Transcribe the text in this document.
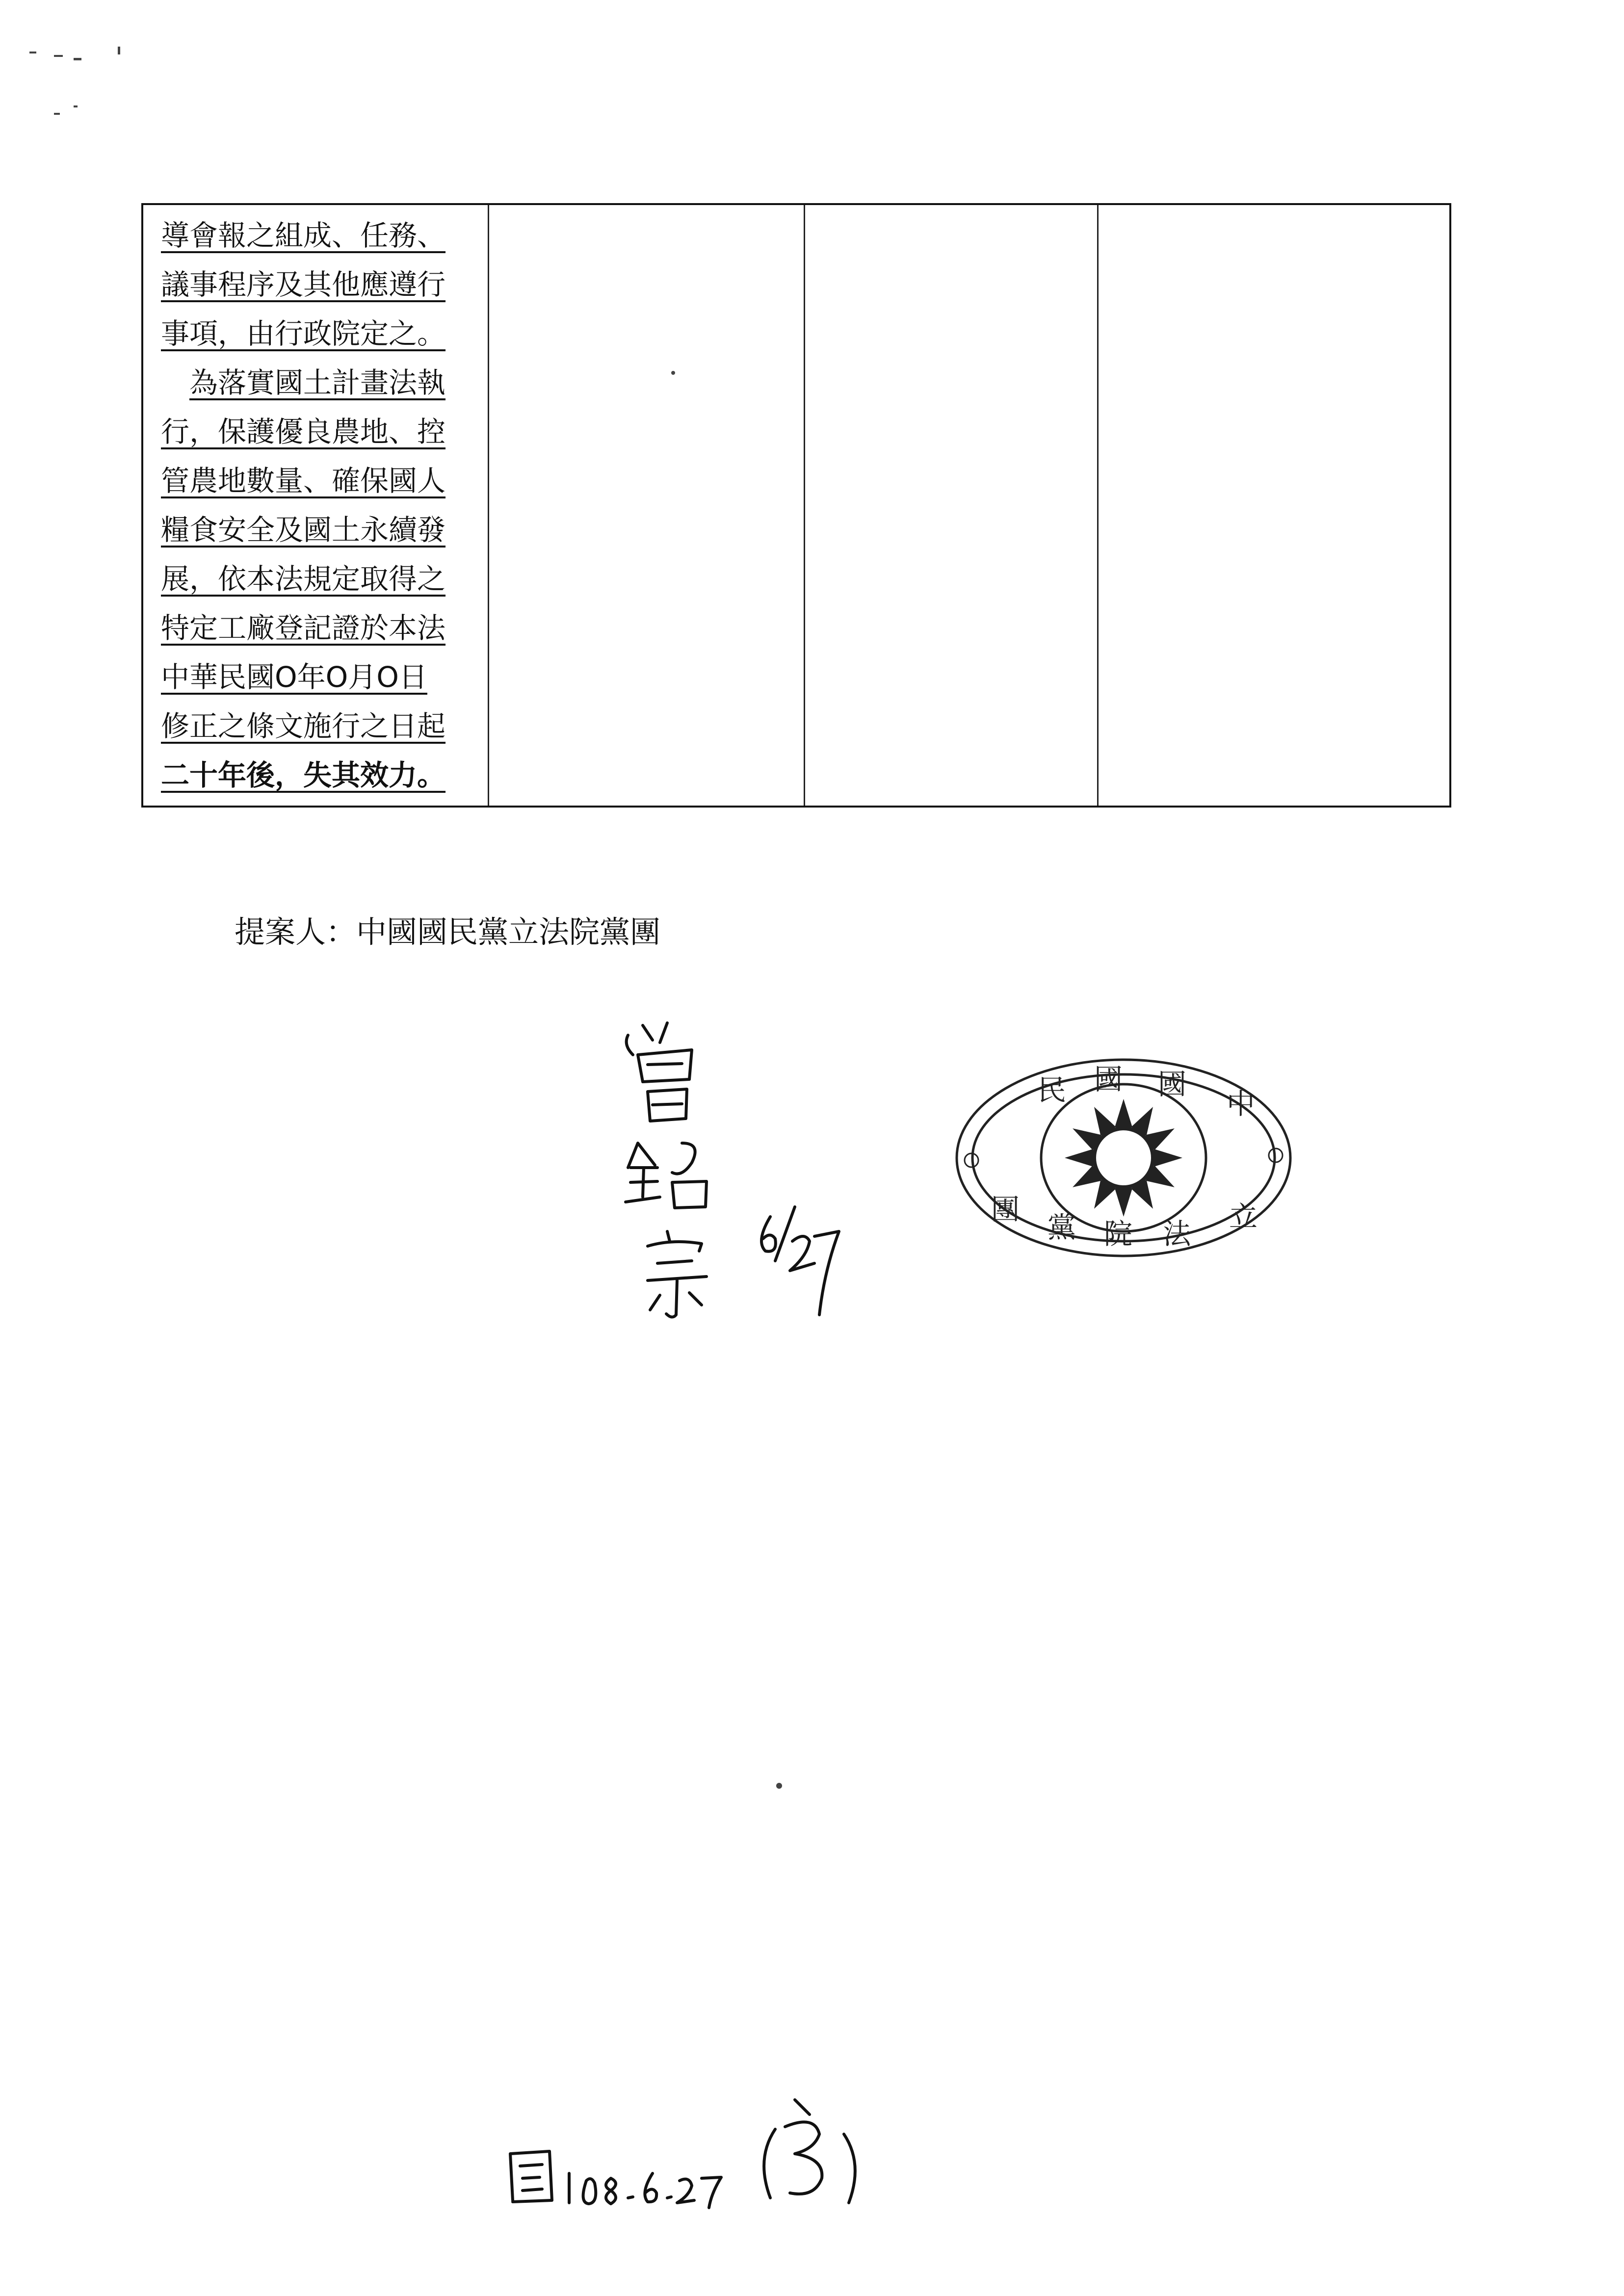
導會報之組成、任務、
議事程序及其他應遵行
事項，由行政院定之。
為落實國土計畫法執
行，保護優良農地、控
管農地數量、確保國人
糧食安全及國土永續發
展，依本法規定取得之
特定工廠登記證於本法
中華民國O年O月O日
修正之條文施行之日起
二十年後，失其效力。
提案人：中國國民黨立法院黨團
民 國 國
中
立
法
院
黨
團
